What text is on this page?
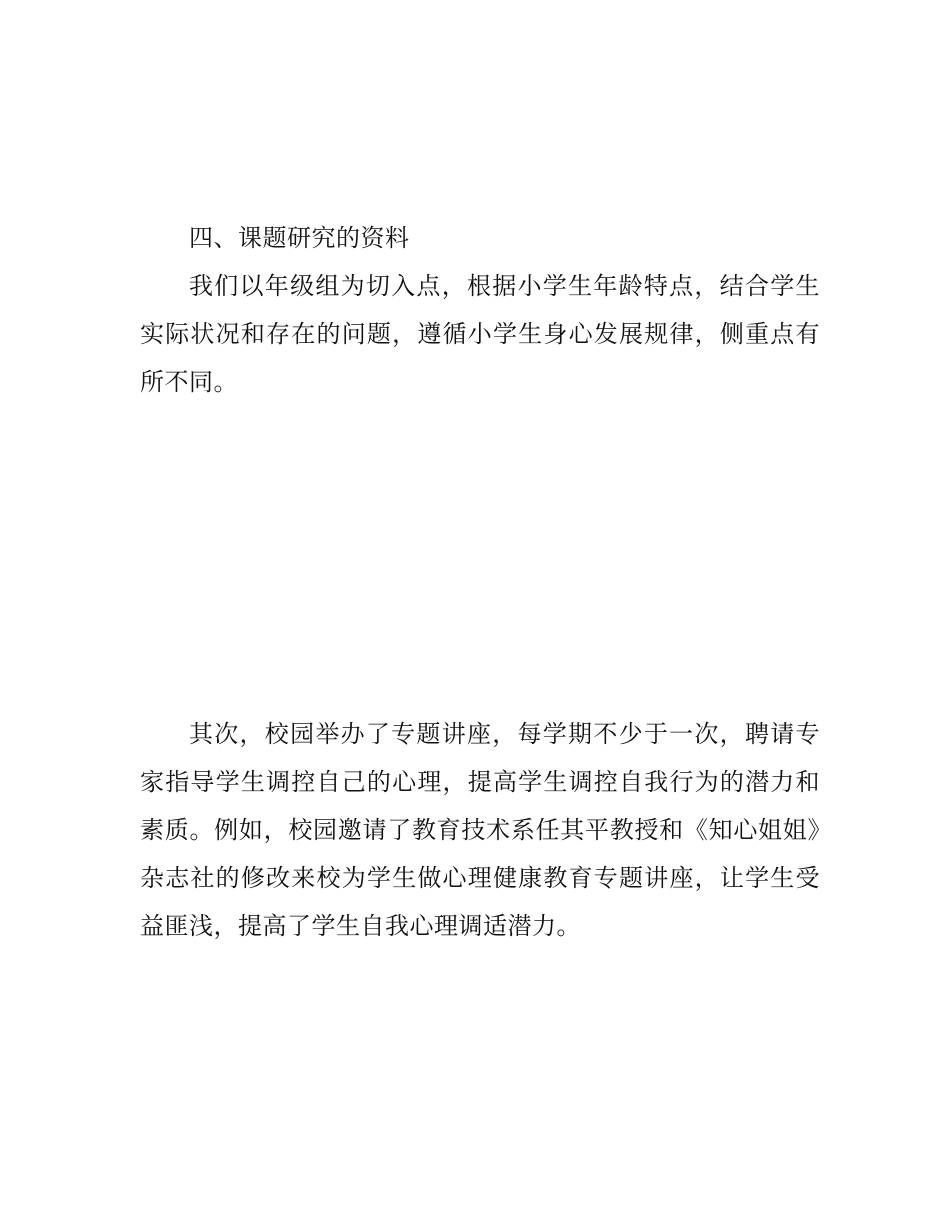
四、课题研究的资料

我们以年级组为切入点，根据小学生年龄特点，结合学生实际状况和存在的问题，遵循小学生身心发展规律，侧重点有所不同。

其次，校园举办了专题讲座，每学期不少于一次，聘请专家指导学生调控自己的心理，提高学生调控自我行为的潜力和素质。例如，校园邀请了教育技术系任其平教授和《知心姐姐》杂志社的修改来校为学生做心理健康教育专题讲座，让学生受益匪浅，提高了学生自我心理调适潜力。
